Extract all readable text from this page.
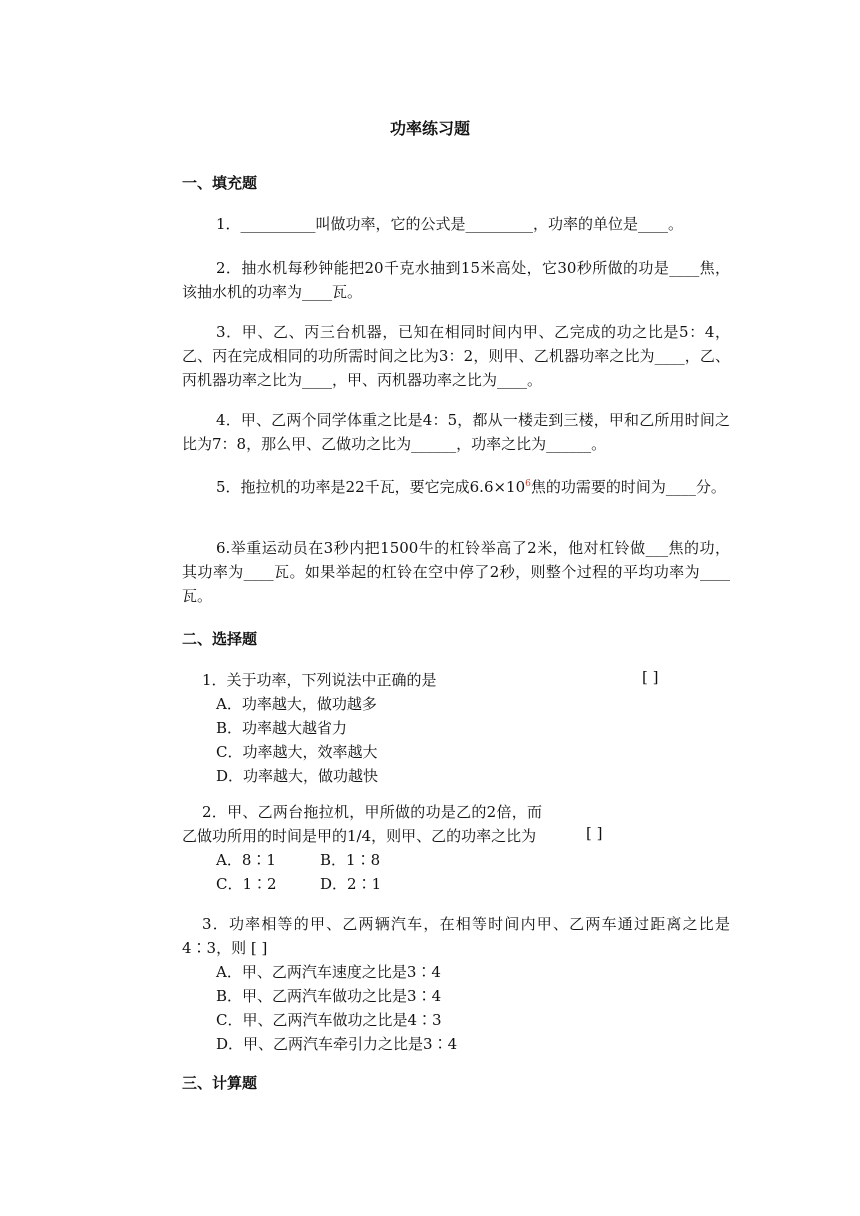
功率练习题
一、填充题

1．__________叫做功率，它的公式是_________，功率的单位是____。

2．抽水机每秒钟能把20千克水抽到15米高处，它30秒所做的功是____焦，该抽水机的功率为____瓦。

3．甲、乙、丙三台机器，已知在相同时间内甲、乙完成的功之比是5：4，乙、丙在完成相同的功所需时间之比为3：2，则甲、乙机器功率之比为____，乙、丙机器功率之比为____，甲、丙机器功率之比为____。

4．甲、乙两个同学体重之比是4：5，都从一楼走到三楼，甲和乙所用时间之比为7：8，那么甲、乙做功之比为______，功率之比为______。

5．拖拉机的功率是22千瓦，要它完成$6.6\times 10^6$焦的功需要的时间为____分。

6.举重运动员在3秒内把1500牛的杠铃举高了2米，他对杠铃做___焦的功，其功率为____瓦。如果举起的杠铃在空中停了2秒，则整个过程的平均功率为____瓦。

二、选择题
1．关于功率，下列说法中正确的是
A．功率越大，做功越多
B．功率越大越省力
C．功率越大，效率越大
D．功率越大，做功越快
[ ]
2．甲、乙两台拖拉机，甲所做的功是乙的2倍，而乙做功所用的时间是甲的1/4，则甲、乙的功率之比为
A．8∶1	B．1∶8
C．1∶2	D．2∶1
[ ]
3．功率相等的甲、乙两辆汽车，在相等时间内甲、乙两车通过距离之比是4∶3，则 [ ]
A．甲、乙两汽车速度之比是3∶4
B．甲、乙两汽车做功之比是3∶4
C．甲、乙两汽车做功之比是4∶3
D．甲、乙两汽车牵引力之比是3∶4
三、计算题
